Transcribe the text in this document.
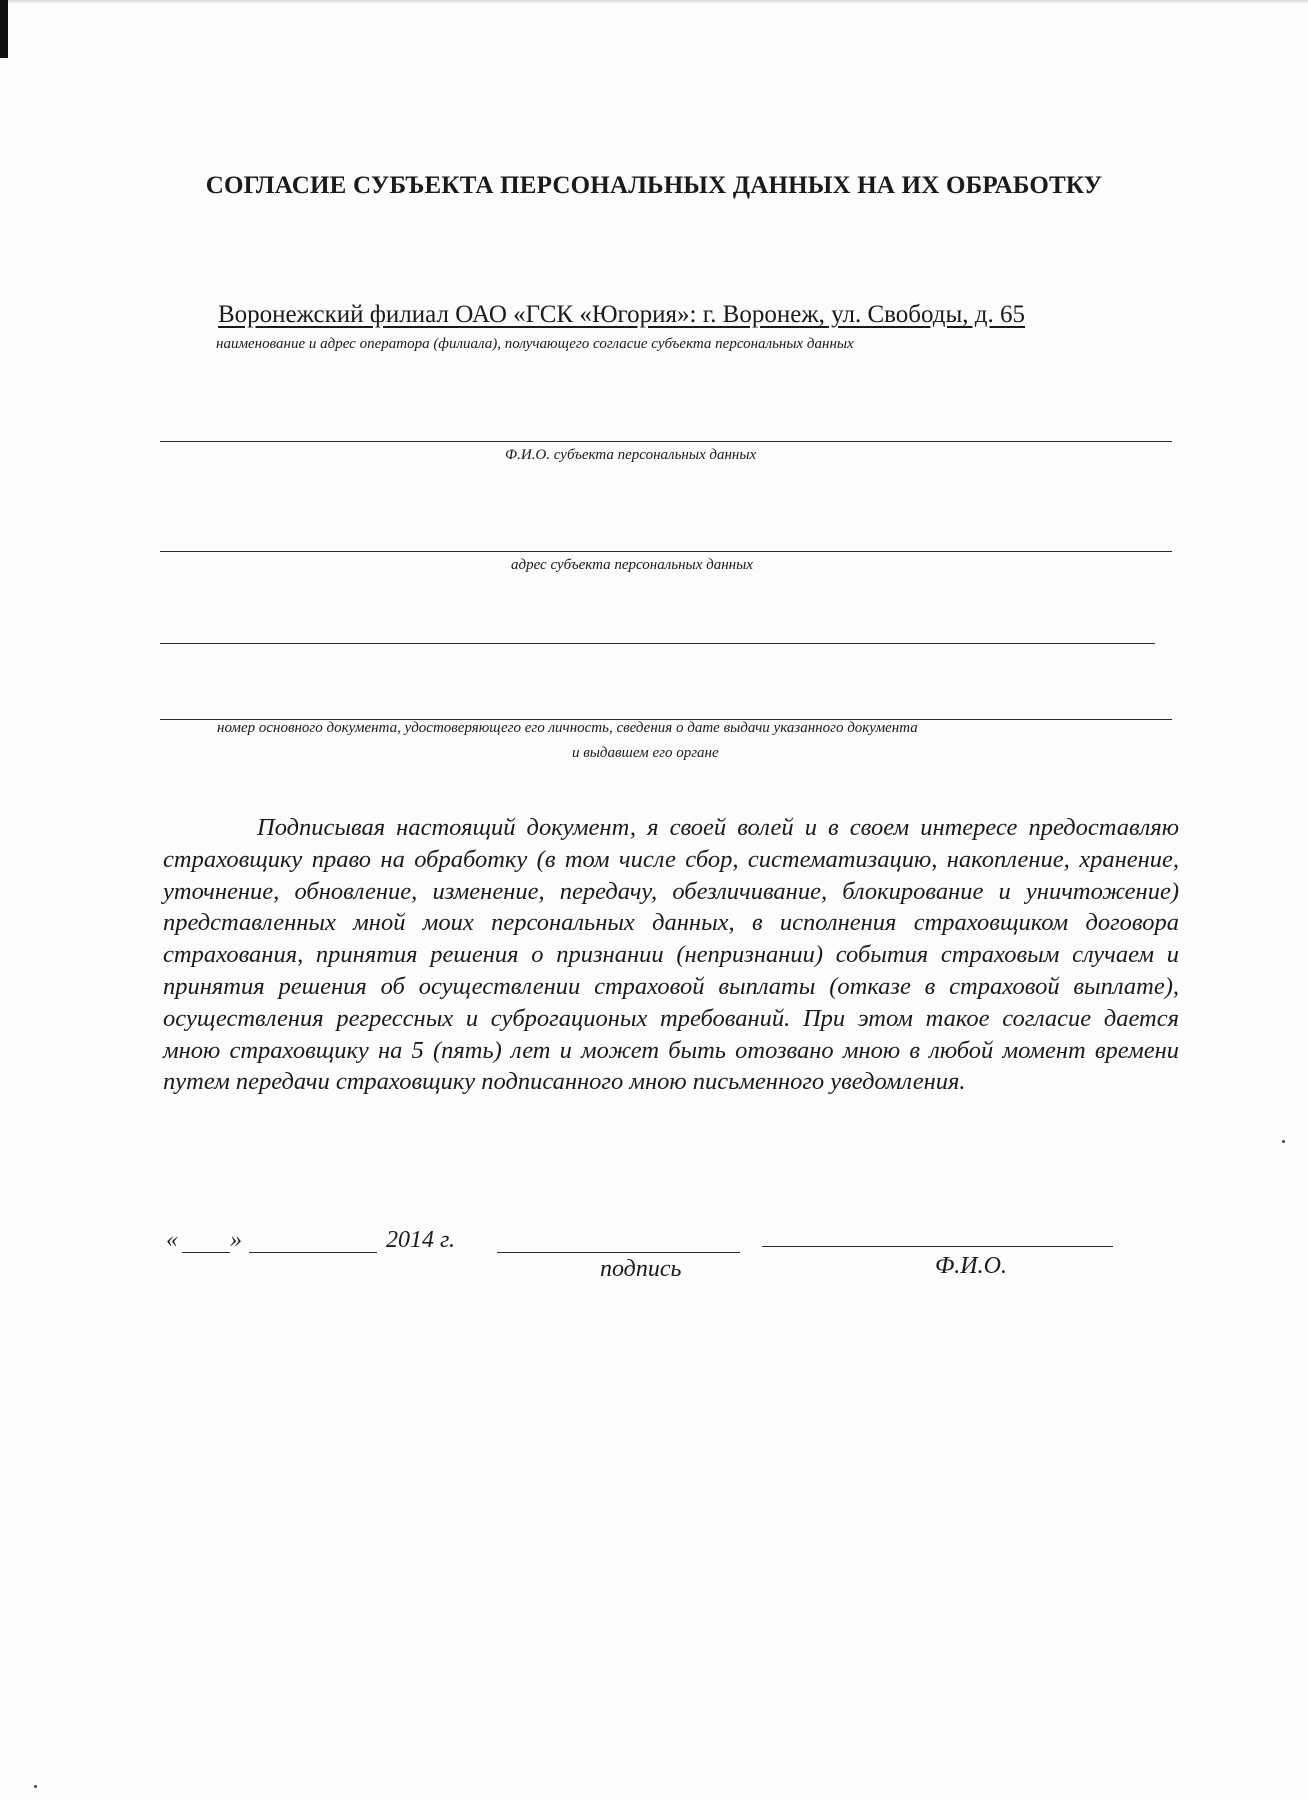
СОГЛАСИЕ СУБЪЕКТА ПЕРСОНАЛЬНЫХ ДАННЫХ НА ИХ ОБРАБОТКУ
Воронежский филиал ОАО «ГСК «Югория»: г. Воронеж, ул. Свободы, д. 65
наименование и адрес оператора (филиала), получающего согласие субъекта персональных данных
Ф.И.О. субъекта персональных данных
адрес субъекта персональных данных
номер основного документа, удостоверяющего его личность, сведения о дате выдачи указанного документа
и выдавшем его органе
Подписывая настоящий документ, я своей волей и в своем интересе предоставляю страховщику право на обработку (в том числе сбор, систематизацию, накопление, хранение, уточнение, обновление, изменение, передачу, обезличивание, блокирование и уничтожение) представленных мной моих персональных данных, в исполнения страховщиком договора страхования, принятия решения о признании (непризнании) события страховым случаем и принятия решения об осуществлении страховой выплаты (отказе в страховой выплате), осуществления регрессных и суброгационых требований. При этом такое согласие дается мною страховщику на 5 (пять) лет и может быть отозвано мною в любой момент времени путем передачи страховщику подписанного мною письменного уведомления.
« »	2014 г.
подпись	Ф.И.О.
